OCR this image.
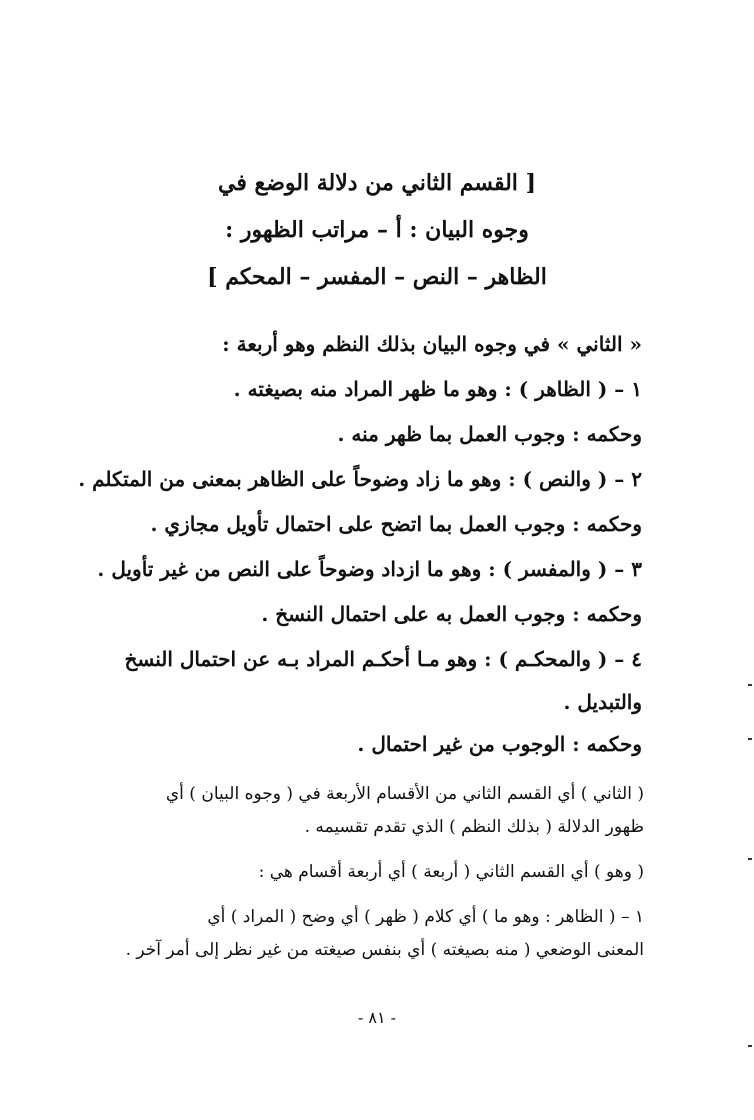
[ القسم الثاني من دلالة الوضع في
وجوه البيان : أ – مراتب الظهور :
الظاهر – النص – المفسر – المحكم ]
« الثاني » في وجوه البيان بذلك النظم وهو أربعة :
١ – ( الظاهر ) : وهو ما ظهر المراد منه بصيغته .
وحكمه : وجوب العمل بما ظهر منه .
٢ – ( والنص ) : وهو ما زاد وضوحاً على الظاهر بمعنى من المتكلم .
وحكمه : وجوب العمل بما اتضح على احتمال تأويل مجازي .
٣ – ( والمفسر ) : وهو ما ازداد وضوحاً على النص من غير تأويل .
وحكمه : وجوب العمل به على احتمال النسخ .
٤ – ( والمحكـم ) : وهو مـا أحكـم المراد بـه عن احتمال النسخ
والتبديل .
وحكمه : الوجوب من غير احتمال .
( الثاني ) أي القسم الثاني من الأقسام الأربعة في ( وجوه البيان ) أي
ظهور الدلالة ( بذلك النظم ) الذي تقدم تقسيمه .
( وهو ) أي القسم الثاني ( أربعة ) أي أربعة أقسام هي :
١ – ( الظاهر : وهو ما ) أي كلام ( ظهر ) أي وضح ( المراد ) أي
المعنى الوضعي ( منه بصيغته ) أي بنفس صيغته من غير نظر إلى أمر آخر .
- ٨١ -
